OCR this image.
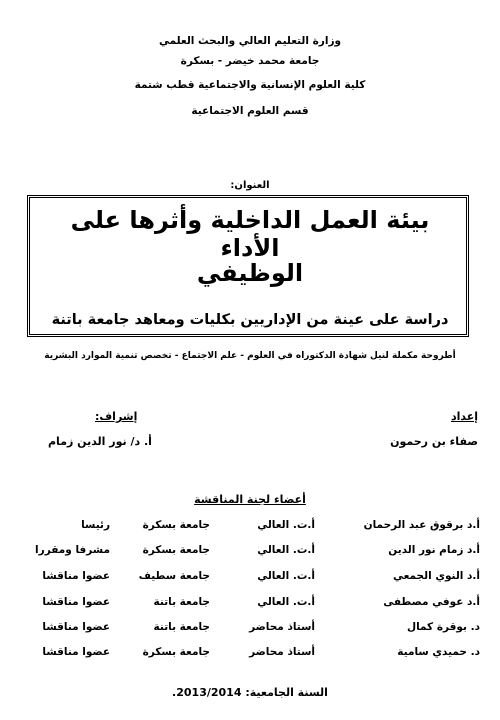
وزارة التعليم العالي والبحث العلمي
جامعة محمد خيضر - بسكرة
كلية العلوم الإنسانية والاجتماعية قطب شتمة
قسم العلوم الاجتماعية
العنوان:
بيئة العمل الداخلية وأثرها على الأداء
الوظيفي
دراسة على عينة من الإداريين بكليات ومعاهد جامعة باتنة
أطروحة مكملة لنيل شهادة الدكتوراه في العلوم - علم الاجتماع - تخصص تنمية الموارد البشرية
إعداد
صفاء بن رحمون
إشراف:
أ. د/ نور الدين زمام
أعضاء لجنة المناقشة
أ.د برقوق عبد الرحمان
أ.ت. العالي
جامعة بسكرة
رئيسا
أ.د زمام نور الدين
أ.ت. العالي
جامعة بسكرة
مشرفا ومقررا
أ.د النوي الجمعي
أ.ت. العالي
جامعة سطيف
عضوا مناقشا
أ.د عوفي مصطفى
أ.ت. العالي
جامعة باتنة
عضوا مناقشا
د. بوقرة كمال
أستاذ محاضر
جامعة باتنة
عضوا مناقشا
د. حميدي سامية
أستاذ محاضر
جامعة بسكرة
عضوا مناقشا
السنة الجامعية: 2013/2014.
